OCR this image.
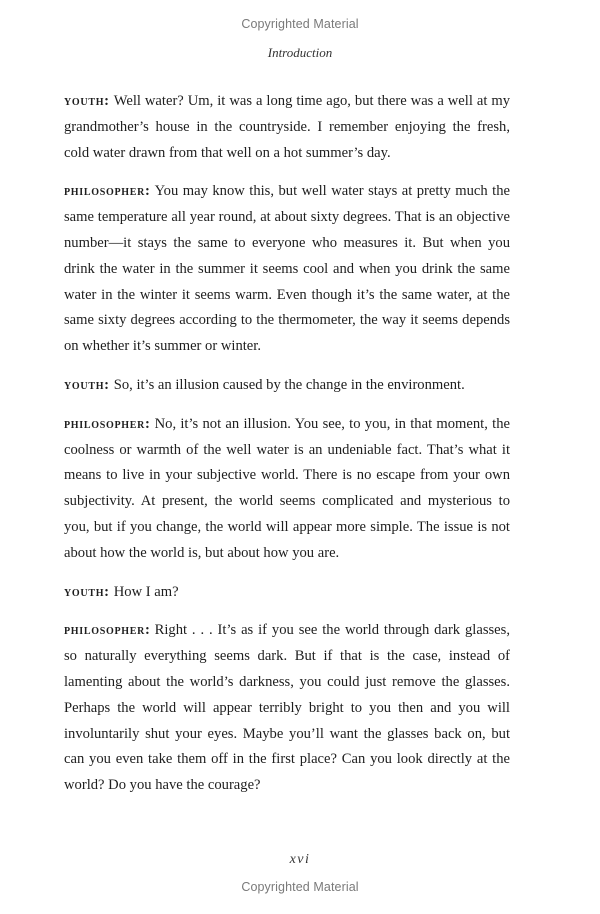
Copyrighted Material
Introduction

youth: Well water? Um, it was a long time ago, but there was a well at my grandmother’s house in the countryside. I remember enjoying the fresh, cold water drawn from that well on a hot summer’s day.

philosopher: You may know this, but well water stays at pretty much the same temperature all year round, at about sixty degrees. That is an objective number—it stays the same to everyone who measures it. But when you drink the water in the summer it seems cool and when you drink the same water in the winter it seems warm. Even though it’s the same water, at the same sixty degrees according to the thermometer, the way it seems depends on whether it’s summer or winter.

youth: So, it’s an illusion caused by the change in the environment.

philosopher: No, it’s not an illusion. You see, to you, in that moment, the coolness or warmth of the well water is an undeniable fact. That’s what it means to live in your subjective world. There is no escape from your own subjectivity. At present, the world seems complicated and mysterious to you, but if you change, the world will appear more simple. The issue is not about how the world is, but about how you are.

youth: How I am?

philosopher: Right . . . It’s as if you see the world through dark glasses, so naturally everything seems dark. But if that is the case, instead of lamenting about the world’s darkness, you could just remove the glasses. Perhaps the world will appear terribly bright to you then and you will involuntarily shut your eyes. Maybe you’ll want the glasses back on, but can you even take them off in the first place? Can you look directly at the world? Do you have the courage?

xvi
Copyrighted Material
